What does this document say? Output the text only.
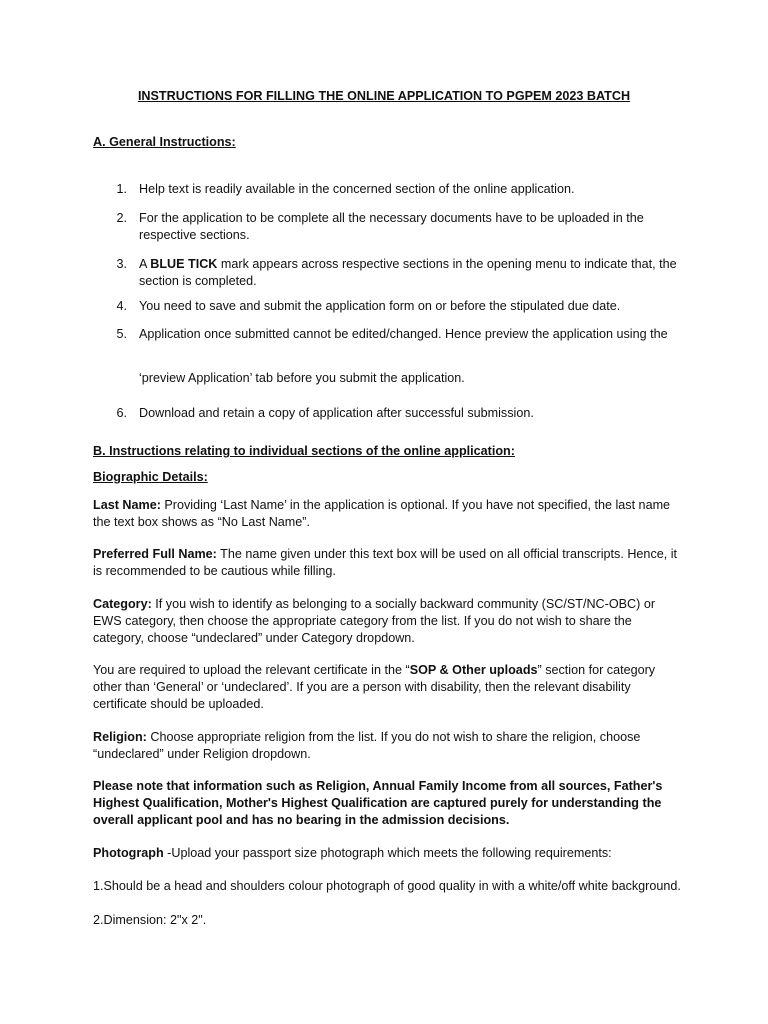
INSTRUCTIONS FOR FILLING THE ONLINE APPLICATION TO PGPEM 2023 BATCH
A. General Instructions:
1. Help text is readily available in the concerned section of the online application.
2. For the application to be complete all the necessary documents have to be uploaded in the respective sections.
3. A BLUE TICK mark appears across respective sections in the opening menu to indicate that, the section is completed.
4. You need to save and submit the application form on or before the stipulated due date.
5. Application once submitted cannot be edited/changed. Hence preview the application using the
‘preview Application’ tab before you submit the application.
6. Download and retain a copy of application after successful submission.
B. Instructions relating to individual sections of the online application:
Biographic Details:
Last Name: Providing ‘Last Name’ in the application is optional. If you have not specified, the last name the text box shows as “No Last Name”.
Preferred Full Name: The name given under this text box will be used on all official transcripts. Hence, it is recommended to be cautious while filling.
Category: If you wish to identify as belonging to a socially backward community (SC/ST/NC-OBC) or EWS category, then choose the appropriate category from the list. If you do not wish to share the category, choose “undeclared” under Category dropdown.
You are required to upload the relevant certificate in the “SOP & Other uploads” section for category other than ‘General’ or ‘undeclared’. If you are a person with disability, then the relevant disability certificate should be uploaded.
Religion: Choose appropriate religion from the list. If you do not wish to share the religion, choose “undeclared” under Religion dropdown.
Please note that information such as Religion, Annual Family Income from all sources, Father's Highest Qualification, Mother's Highest Qualification are captured purely for understanding the overall applicant pool and has no bearing in the admission decisions.
Photograph -Upload your passport size photograph which meets the following requirements:
1.Should be a head and shoulders colour photograph of good quality in with a white/off white background.
2.Dimension: 2"x 2".
